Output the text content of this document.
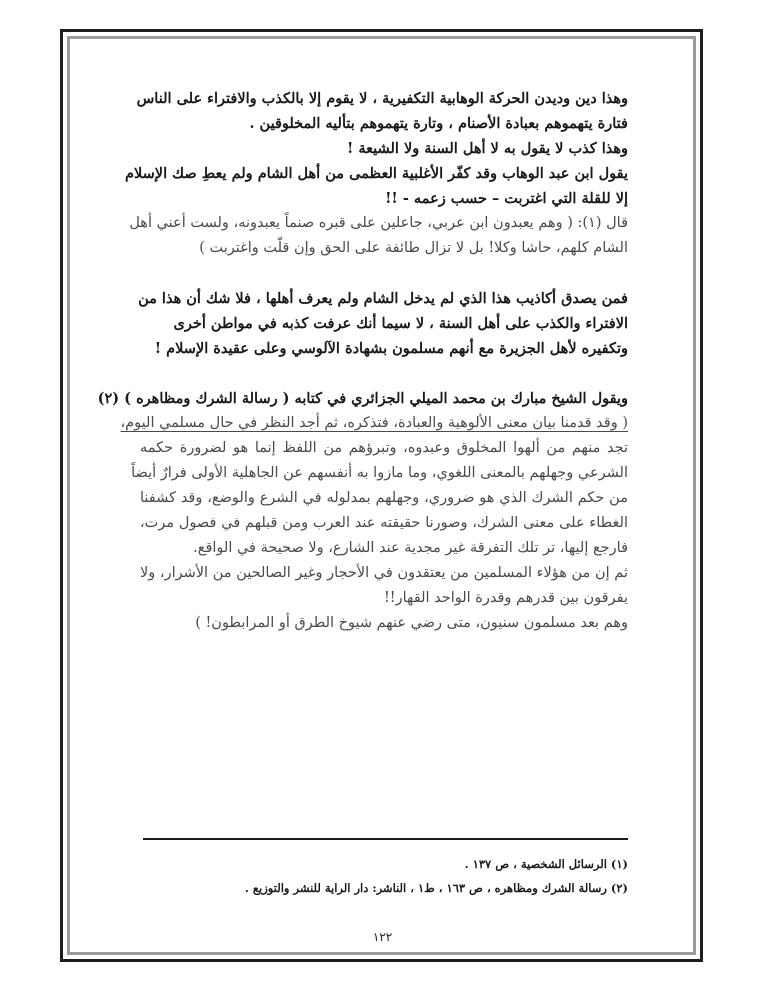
وهذا دين وديدن الحركة الوهابية التكفيرية ، لا يقوم إلا بالكذب والافتراء على الناس
فتارة يتهموهم بعبادة الأصنام ، وتارة يتهموهم بتأليه المخلوقين .
وهذا كذب لا يقول به لا أهل السنة ولا الشيعة !
يقول ابن عبد الوهاب وقد كفّر الأغلبية العظمى من أهل الشام ولم يعطِ صك الإسلام
إلا للقلة التي اغتربت – حسب زعمه - !!
قال (١): ( وهم يعبدون ابن عربي، جاعلين على قبره صنماً يعبدونه، ولست أعني أهل
الشام كلهم، حاشا وكلا! بل لا تزال طائفة على الحق وإن قلّت واغتربت )
فمن يصدق أكاذيب هذا الذي لم يدخل الشام ولم يعرف أهلها ، فلا شك أن هذا من
الافتراء والكذب على أهل السنة ، لا سيما أنك عرفت كذبه في مواطن أخرى
وتكفيره لأهل الجزيرة مع أنهم مسلمون بشهادة الآلوسي وعلى عقيدة الإسلام !
ويقول الشيخ مبارك بن محمد الميلي الجزائري في كتابه ( رسالة الشرك ومظاهره ) (٢)
( وقد قدمنا بيان معنى الألوهية والعبادة، فتذكره، ثم أجد النظر في حال مسلمي اليوم،
تجد منهم من ألهوا المخلوق وعبدوه، وتبرؤهم من اللفظ إنما هو لضرورة حكمه
الشرعي وجهلهم بالمعنى اللغوي، وما مازوا به أنفسهم عن الجاهلية الأولى فرارٌ أيضاً
من حكم الشرك الذي هو ضروري، وجهلهم بمدلوله في الشرع والوضع، وقد كشفنا
الغطاء على معنى الشرك، وصورنا حقيقته عند العرب ومن قبلهم في فصول مرت،
فارجع إليها، تر تلك التفرقة غير مجدية عند الشارع، ولا صحيحة في الواقع.
ثم إن من هؤلاء المسلمين من يعتقدون في الأحجار وغير الصالحين من الأشرار، ولا
يفرقون بين قدرهم وقدرة الواحد القهار!!
وهم بعد مسلمون سنيون، متى رضي عنهم شيوخ الطرق أو المرابطون! )
(١) الرسائل الشخصية ، ص ١٣٧ .
(٢) رسالة الشرك ومظاهره ، ص ١٦٣ ، ط١ ، الناشر: دار الراية للنشر والتوزيع .
١٢٢
